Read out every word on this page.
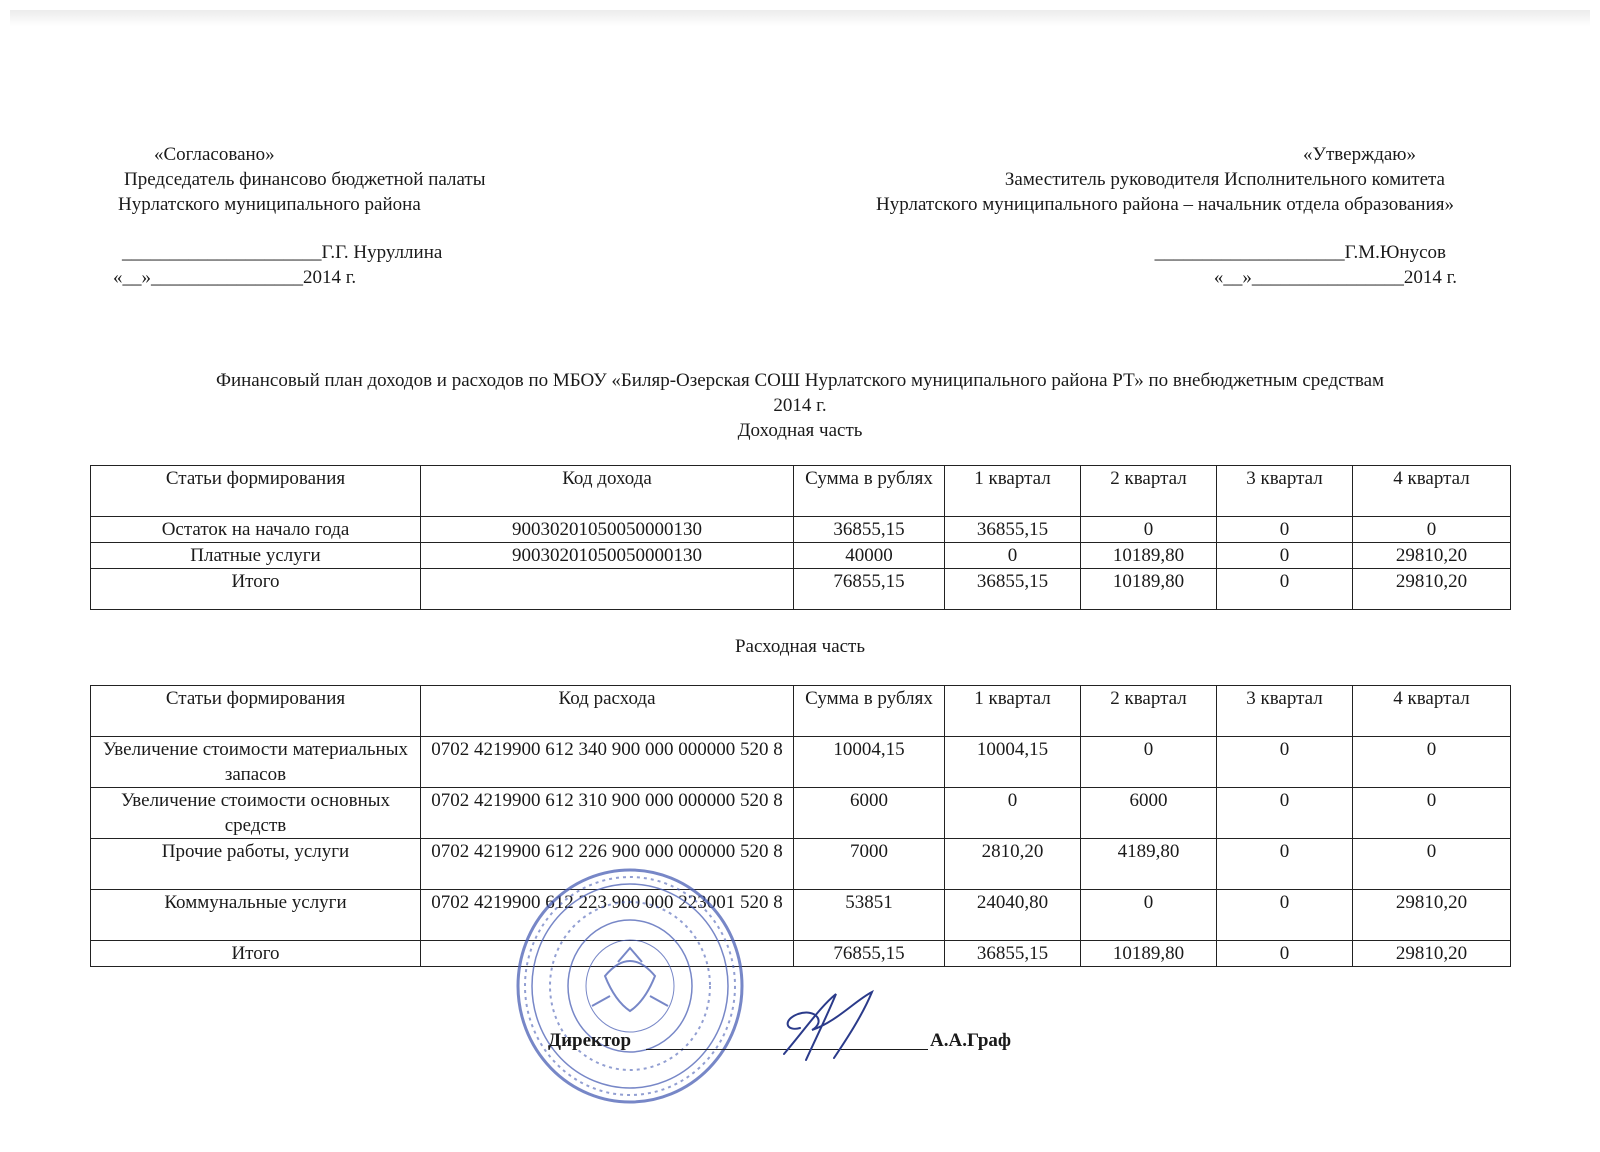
«Согласовано»
Председатель финансово бюджетной палаты
Нурлатского муниципального района
_____________________Г.Г. Нуруллина
«__»________________2014 г.
«Утверждаю»
Заместитель руководителя Исполнительного комитета
Нурлатского муниципального района – начальник отдела образования»
____________________Г.М.Юнусов
«__»________________2014 г.
Финансовый план доходов и расходов по МБОУ «Биляр-Озерская СОШ Нурлатского муниципального района РТ» по внебюджетным средствам
2014 г.
Доходная часть
Статьи формирования	Код дохода	Сумма в рублях	1 квартал	2 квартал	3 квартал	4 квартал
Остаток на начало года	90030201050050000130	36855,15	36855,15	0	0	0
Платные услуги	90030201050050000130	40000	0	10189,80	0	29810,20
Итого		76855,15	36855,15	10189,80	0	29810,20
Расходная часть
Статьи формирования	Код расхода	Сумма в рублях	1 квартал	2 квартал	3 квартал	4 квартал
Увеличение стоимости материальных запасов	0702 4219900 612 340 900 000 000000 520 8	10004,15	10004,15	0	0	0
Увеличение стоимости основных средств	0702 4219900 612 310 900 000 000000 520 8	6000	0	6000	0	0
Прочие работы, услуги	0702 4219900 612 226 900 000 000000 520 8	7000	2810,20	4189,80	0	0
Коммунальные услуги	0702 4219900 612 223 900 000 223001 520 8	53851	24040,80	0	0	29810,20
Итого		76855,15	36855,15	10189,80	0	29810,20
Директор	А.А.Граф
